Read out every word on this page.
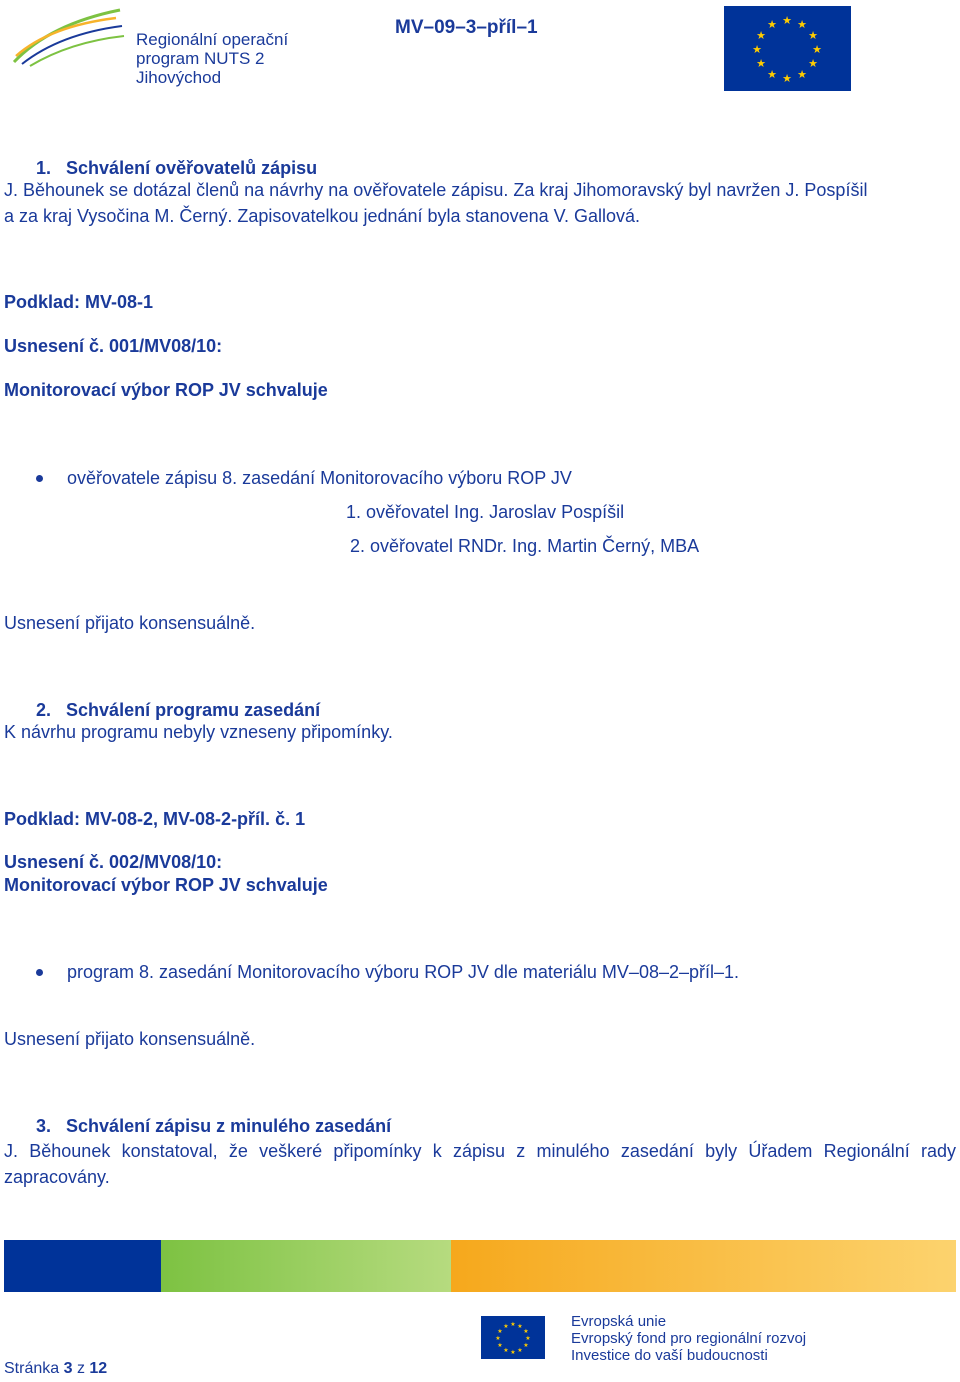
Regionální operační
program NUTS 2
Jihovýchod
MV–09–3–příl–1	★ ★
★
★
★
★
★
★
★
★
★
★
1. Schválení ověřovatelů zápisu
J. Běhounek se dotázal členů na návrhy na ověřovatele zápisu. Za kraj Jihomoravský byl navržen J. Pospíšil
a za kraj Vysočina M. Černý. Zapisovatelkou jednání byla stanovena V. Gallová.
Podklad: MV-08-1
Usnesení č. 001/MV08/10:
Monitorovací výbor ROP JV schvaluje
ověřovatele zápisu 8. zasedání Monitorovacího výboru ROP JV
1. ověřovatel Ing. Jaroslav Pospíšil
2. ověřovatel RNDr. Ing. Martin Černý, MBA
Usnesení přijato konsensuálně.
2. Schválení programu zasedání
K návrhu programu nebyly vzneseny připomínky.
Podklad: MV-08-2, MV-08-2-příl. č. 1
Usnesení č. 002/MV08/10:
Monitorovací výbor ROP JV schvaluje
program 8. zasedání Monitorovacího výboru ROP JV dle materiálu MV–08–2–příl–1.
Usnesení přijato konsensuálně.
3. Schválení zápisu z minulého zasedání
J. Běhounek konstatoval, že veškeré připomínky k zápisu z minulého zasedání byly Úřadem Regionální rady zapracovány.
★ ★
★
★
★
★
★
★
★
★
★
★	Evropská unie
Evropský fond pro regionální rozvoj
Investice do vaší budoucnosti
Stránka 3 z 12
